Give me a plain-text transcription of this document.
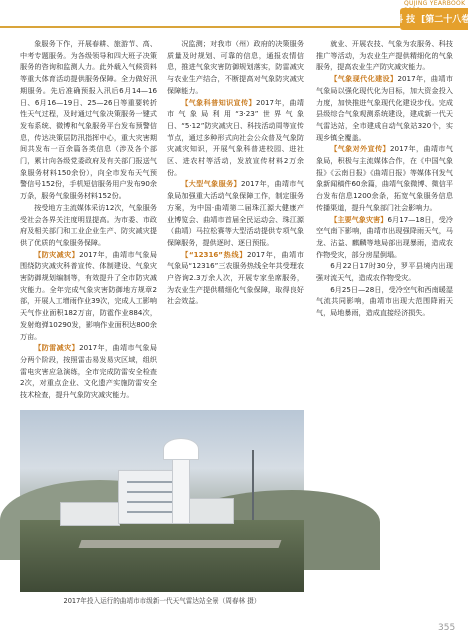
QUJING YEARBOOK
科 技 [第二十八卷]

象服务下作，开展春耕、旅游节、高、中考专题服务。为各级领导和四大班子决策服务的咨询和监测人力。此外载入气候资料等重大体育活动提供服务保障。全力做好汛期服务。先后准确预报入汛后6月14—16日、6月16—19日、25—26日等重要转折性天气过程，及时通过气象决策服务一键式发布系统、微博和气象服务平台发布预警信息，传达决策层防汛指挥中心，重大灾害期间共发布一百余篇各类信息（涉及各个部门，累计向各级党委政府及有关部门报送气象服务材料150余份），向全市发布天气预警信号152份，手机短信服务用户发布90余万条，服务气象服务材料152份。

按受地方主流媒体采访12次，气象服务受社会各界关注度明显提高。为市委、市政府及相关部门和工业企业生产、防灾减灾提供了优质的气象服务保障。

【防灾减灾】2017年，曲靖市气象局围绕防灾减灾科普宣传、体制建设、气象灾害防御规划编制等，有效提升了全市防灾减灾能力。全年完成气象灾害防御地方规章2部，开展人工增雨作业39次，完成人工影响天气作业面积182万亩，防雹作业884次，发射炮弹10290发，影响作业面积达800余万亩。

【防雷减灾】2017年，曲靖市气象局分两个阶段，按照雷击易发易灾区域，组织雷电灾害应急演练，全市完成防雷安全检查2次，对重点企业、文化遗产实施防雷安全技术检查，提升气象防灾减灾能力。

况监测；对我市（州）政府的决策服务质量及时规划、可靠的信息，通报农情信息，推进气象灾害防御规划落实，防雷减灾与农业生产结合，不断提高对气象防灾减灾保障能力。

【气象科普知识宣传】2017年，曲靖市气象局利用“3·23”世界气象日、“5·12”防灾减灾日、科技活动周等宣传节点，通过多种形式向社会公众普及气象防灾减灾知识，开展气象科普进校园、进社区、进农村等活动，发放宣传材料2万余份。

【大型气象服务】2017年，曲靖市气象局加强重大活动气象保障工作，制定服务方案，为中国·曲靖第二届珠江源大健康产业博览会、曲靖市首届全民运动会、珠江源（曲靖）马拉松赛等大型活动提供专项气象保障服务，提供逐时、逐日预报。

【“12316”热线】2017年，曲靖市气象局“12316”三农服务热线全年共受理农户咨询2.3万余人次，开展专家坐席服务，为农业生产提供精细化气象保障，取得良好社会效益。

就业、开展农技、气象为农服务、科技推广等活动，为农业生产提供精细化的气象服务，提高农业生产防灾减灾能力。

【气象现代化建设】2017年，曲靖市气象局以强化现代化为目标，加大资金投入力度，加快推进气象现代化建设步伐。完成县级综合气象观测系统建设，建成新一代天气雷达站，全市建成自动气象站320个，实现乡镇全覆盖。

【气象对外宣传】2017年，曲靖市气象局，积极与主流媒体合作，在《中国气象报》《云南日报》《曲靖日报》等媒体刊发气象新闻稿件60余篇，曲靖气象微博、微信平台发布信息1200余条，拓宽气象服务信息传播渠道，提升气象部门社会影响力。

【主要气象灾害】6月17—18日，受冷空气南下影响，曲靖市出现强降雨天气，马龙、沾益、麒麟等地局部出现暴雨，造成农作物受灾，部分房屋倒塌。

6月22日17时30分，罗平县境内出现强对流天气，造成农作物受灾。

6月25日—28日，受冷空气和西南暖湿气流共同影响，曲靖市出现大范围降雨天气，局地暴雨，造成直接经济损失。

2017年投入运行的曲靖市市级新一代天气雷达站全景（周春林 摄）
355
